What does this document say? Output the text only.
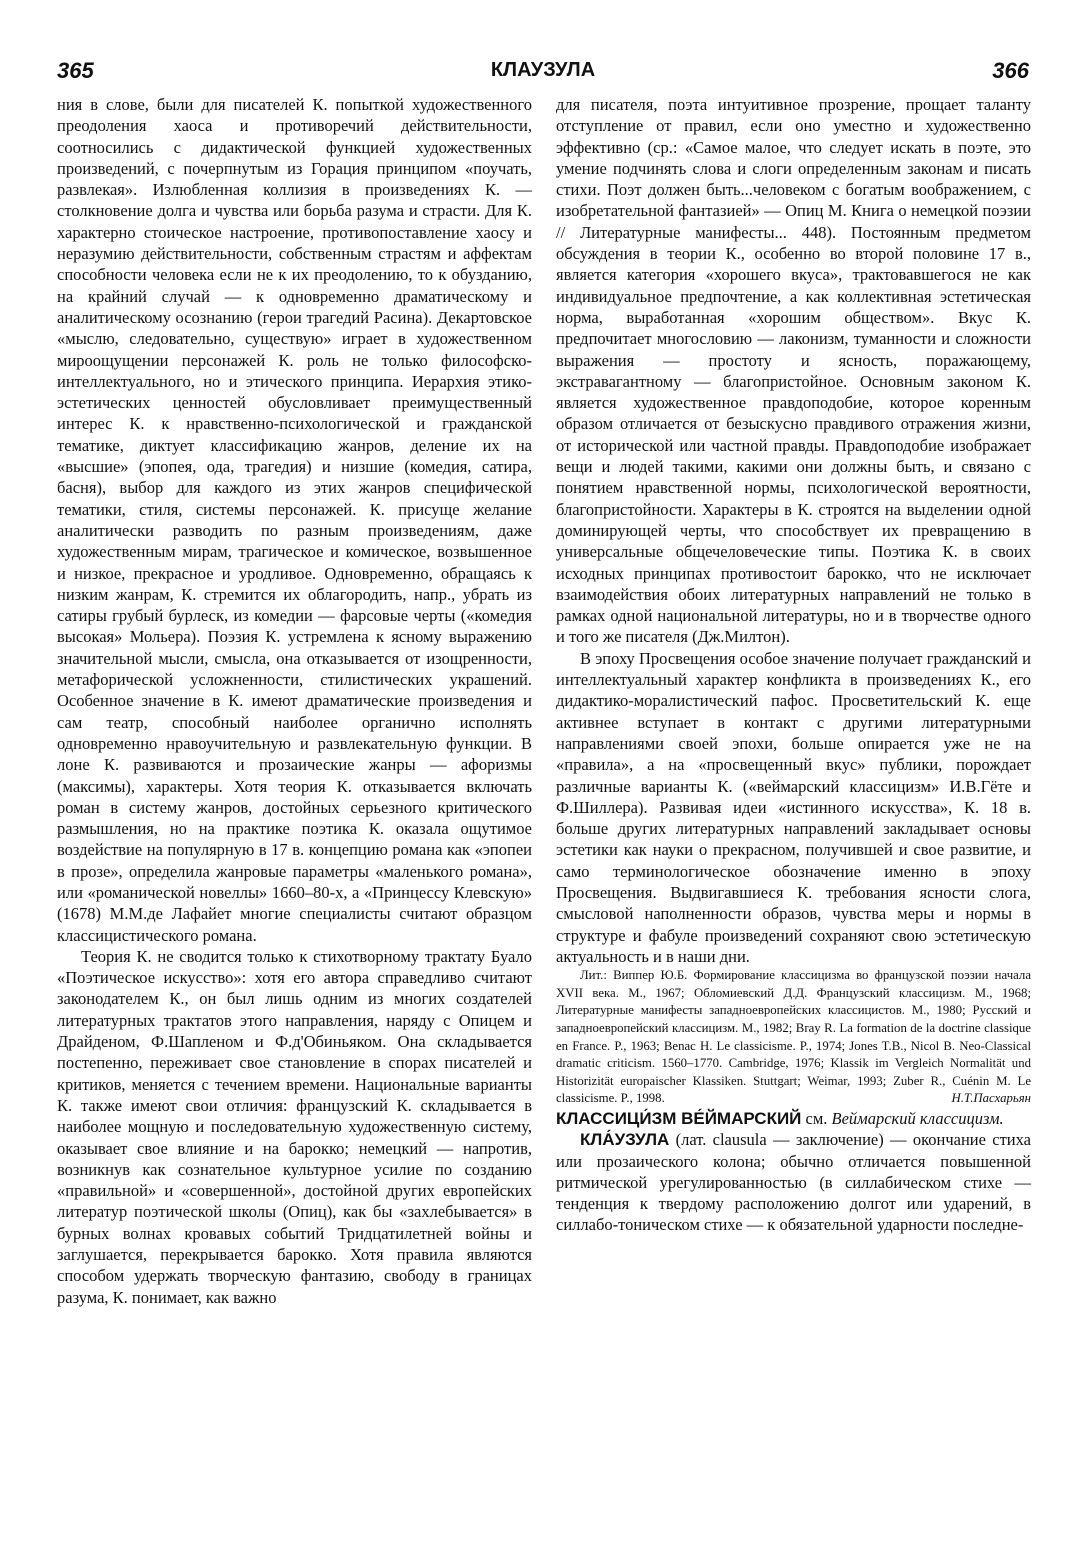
365	КЛАУЗУЛА	366

ния в слове, были для писателей К. попыткой художественного преодоления хаоса и противоречий действительности, соотносились с дидактической функцией художественных произведений, с почерпнутым из Горация принципом «поучать, развлекая». Излюбленная коллизия в произведениях К. — столкновение долга и чувства или борьба разума и страсти. Для К. характерно стоическое настроение, противопоставление хаосу и неразумию действительности, собственным страстям и аффектам способности человека если не к их преодолению, то к обузданию, на крайний случай — к одновременно драматическому и аналитическому осознанию (герои трагедий Расина). Декартовское «мыслю, следовательно, существую» играет в художественном мироощущении персонажей К. роль не только философско-интеллектуального, но и этического принципа. Иерархия этико-эстетических ценностей обусловливает преимущественный интерес К. к нравственно-психологической и гражданской тематике, диктует классификацию жанров, деление их на «высшие» (эпопея, ода, трагедия) и низшие (комедия, сатира, басня), выбор для каждого из этих жанров специфической тематики, стиля, системы персонажей. К. присуще желание аналитически разводить по разным произведениям, даже художественным мирам, трагическое и комическое, возвышенное и низкое, прекрасное и уродливое. Одновременно, обращаясь к низким жанрам, К. стремится их облагородить, напр., убрать из сатиры грубый бурлеск, из комедии — фарсовые черты («комедия высокая» Мольера). Поэзия К. устремлена к ясному выражению значительной мысли, смысла, она отказывается от изощренности, метафорической усложненности, стилистических украшений. Особенное значение в К. имеют драматические произведения и сам театр, способный наиболее органично исполнять одновременно нравоучительную и развлекательную функции. В лоне К. развиваются и прозаические жанры — афоризмы (максимы), характеры. Хотя теория К. отказывается включать роман в систему жанров, достойных серьезного критического размышления, но на практике поэтика К. оказала ощутимое воздействие на популярную в 17 в. концепцию романа как «эпопеи в прозе», определила жанровые параметры «маленького романа», или «романической новеллы» 1660–80-х, а «Принцессу Клевскую» (1678) М.М.де Лафайет многие специалисты считают образцом классицистического романа.

Теория К. не сводится только к стихотворному трактату Буало «Поэтическое искусство»: хотя его автора справедливо считают законодателем К., он был лишь одним из многих создателей литературных трактатов этого направления, наряду с Опицем и Драйденом, Ф.Шапленом и Ф.д'Обиньяком. Она складывается постепенно, переживает свое становление в спорах писателей и критиков, меняется с течением времени. Национальные варианты К. также имеют свои отличия: французский К. складывается в наиболее мощную и последовательную художественную систему, оказывает свое влияние и на барокко; немецкий — напротив, возникнув как сознательное культурное усилие по созданию «правильной» и «совершенной», достойной других европейских литератур поэтической школы (Опиц), как бы «захлебывается» в бурных волнах кровавых событий Тридцатилетней войны и заглушается, перекрывается барокко. Хотя правила являются способом удержать творческую фантазию, свободу в границах разума, К. понимает, как важно

для писателя, поэта интуитивное прозрение, прощает таланту отступление от правил, если оно уместно и художественно эффективно (ср.: «Самое малое, что следует искать в поэте, это умение подчинять слова и слоги определенным законам и писать стихи. Поэт должен быть...человеком с богатым воображением, с изобретательной фантазией» — Опиц М. Книга о немецкой поэзии // Литературные манифесты... 448). Постоянным предметом обсуждения в теории К., особенно во второй половине 17 в., является категория «хорошего вкуса», трактовавшегося не как индивидуальное предпочтение, а как коллективная эстетическая норма, выработанная «хорошим обществом». Вкус К. предпочитает многословию — лаконизм, туманности и сложности выражения — простоту и ясность, поражающему, экстравагантному — благопристойное. Основным законом К. является художественное правдоподобие, которое коренным образом отличается от безыскусно правдивого отражения жизни, от исторической или частной правды. Правдоподобие изображает вещи и людей такими, какими они должны быть, и связано с понятием нравственной нормы, психологической вероятности, благопристойности. Характеры в К. строятся на выделении одной доминирующей черты, что способствует их превращению в универсальные общечеловеческие типы. Поэтика К. в своих исходных принципах противостоит барокко, что не исключает взаимодействия обоих литературных направлений не только в рамках одной национальной литературы, но и в творчестве одного и того же писателя (Дж.Милтон).

В эпоху Просвещения особое значение получает гражданский и интеллектуальный характер конфликта в произведениях К., его дидактико-моралистический пафос. Просветительский К. еще активнее вступает в контакт с другими литературными направлениями своей эпохи, больше опирается уже не на «правила», а на «просвещенный вкус» публики, порождает различные варианты К. («веймарский классицизм» И.В.Гёте и Ф.Шиллера). Развивая идеи «истинного искусства», К. 18 в. больше других литературных направлений закладывает основы эстетики как науки о прекрасном, получившей и свое развитие, и само терминологическое обозначение именно в эпоху Просвещения. Выдвигавшиеся К. требования ясности слога, смысловой наполненности образов, чувства меры и нормы в структуре и фабуле произведений сохраняют свою эстетическую актуальность и в наши дни.

Лит.: Виппер Ю.Б. Формирование классицизма во французской поэзии начала XVII века. М., 1967; Обломиевский Д.Д. Французский классицизм. М., 1968; Литературные манифесты западноевропейских классицистов. М., 1980; Русский и западноевропейский классицизм. М., 1982; Bray R. La formation de la doctrine classique en France. P., 1963; Benac H. Le classicisme. P., 1974; Jones T.B., Nicol B. Neo-Classical dramatic criticism. 1560–1770. Cambridge, 1976; Klassik im Vergleich Normalität und Historizität europaischer Klassiken. Stuttgart; Weimar, 1993; Zuber R., Cuénin M. Le classicisme. P., 1998.	Н.Т.Пасхарьян

КЛАССИЦИ́ЗМ ВЕ́ЙМАРСКИЙ см. Веймарский классицизм.

КЛА́УЗУЛА (лат. clausula — заключение) — окончание стиха или прозаического колона; обычно отличается повышенной ритмической урегулированностью (в силлабическом стихе — тенденция к твердому расположению долгот или ударений, в силлабо-тоническом стихе — к обязательной ударности последне-
